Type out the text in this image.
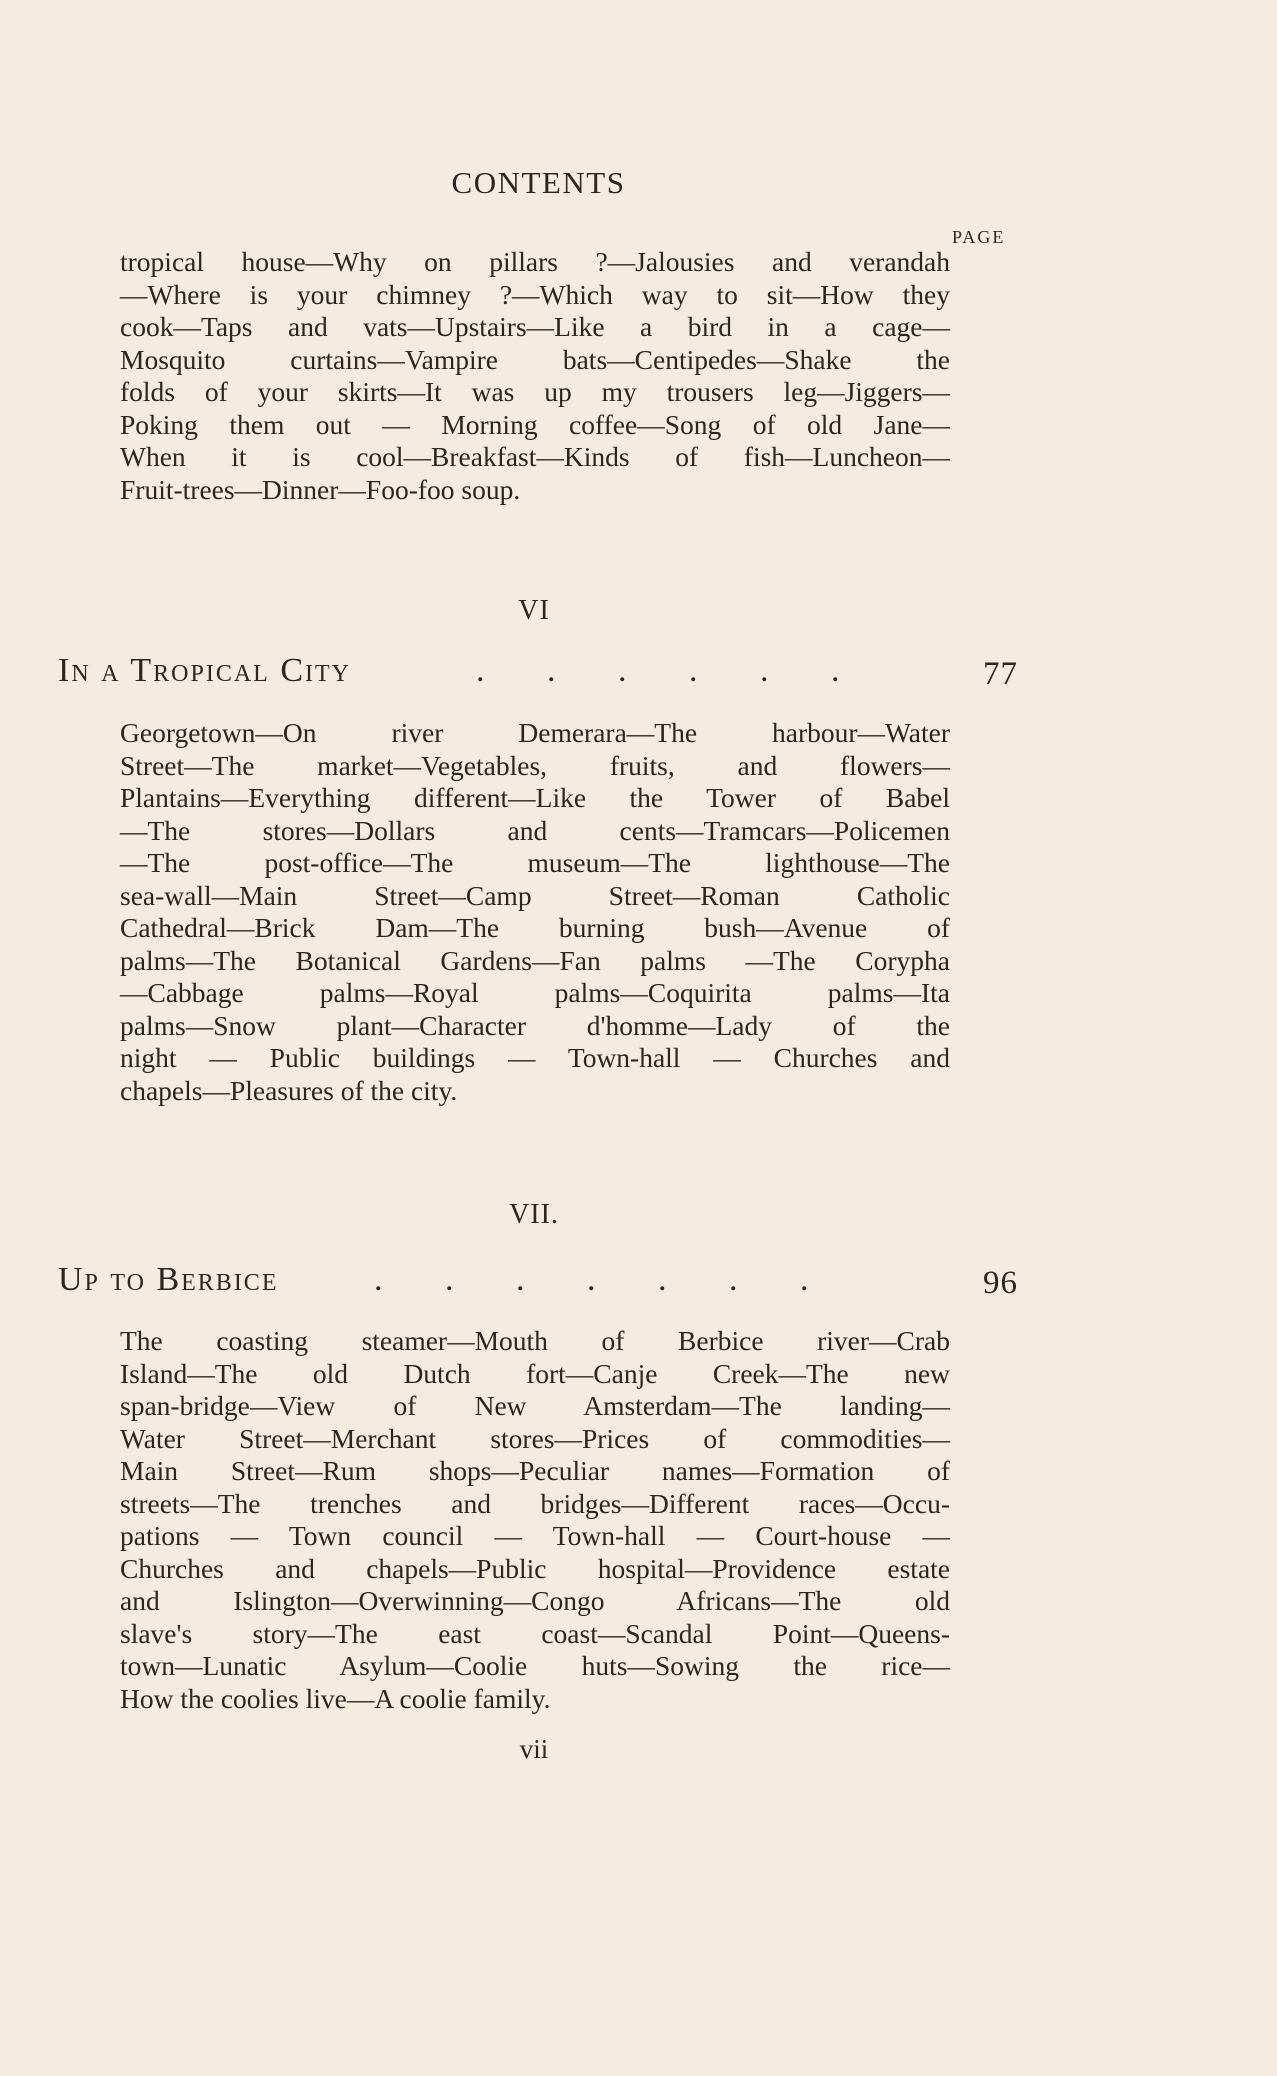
CONTENTS
PAGE
tropical house—Why on pillars ?—Jalousies and verandah
—Where is your chimney ?—Which way to sit—How they
cook—Taps and vats—Upstairs—Like a bird in a cage—
Mosquito curtains—Vampire bats—Centipedes—Shake the
folds of your skirts—It was up my trousers leg—Jiggers—
Poking them out — Morning coffee—Song of old Jane—
When it is cool—Breakfast—Kinds of fish—Luncheon—
Fruit-trees—Dinner—Foo-foo soup.
VI
In a Tropical City	. . . . . .	77
Georgetown—On river Demerara—The harbour—Water
Street—The market—Vegetables, fruits, and flowers—
Plantains—Everything different—Like the Tower of Babel
—The stores—Dollars and cents—Tramcars—Policemen
—The post-office—The museum—The lighthouse—The
sea-wall—Main Street—Camp Street—Roman Catholic
Cathedral—Brick Dam—The burning bush—Avenue of
palms—The Botanical Gardens—Fan palms —The Corypha
—Cabbage palms—Royal palms—Coquirita palms—Ita
palms—Snow plant—Character d'homme—Lady of the
night — Public buildings — Town-hall — Churches and
chapels—Pleasures of the city.
VII.
Up to Berbice	. . . . . . .	96
The coasting steamer—Mouth of Berbice river—Crab
Island—The old Dutch fort—Canje Creek—The new
span-bridge—View of New Amsterdam—The landing—
Water Street—Merchant stores—Prices of commodities—
Main Street—Rum shops—Peculiar names—Formation of
streets—The trenches and bridges—Different races—Occu-
pations — Town council — Town-hall — Court-house —
Churches and chapels—Public hospital—Providence estate
and Islington—Overwinning—Congo Africans—The old
slave's story—The east coast—Scandal Point—Queens-
town—Lunatic Asylum—Coolie huts—Sowing the rice—
How the coolies live—A coolie family.
vii
